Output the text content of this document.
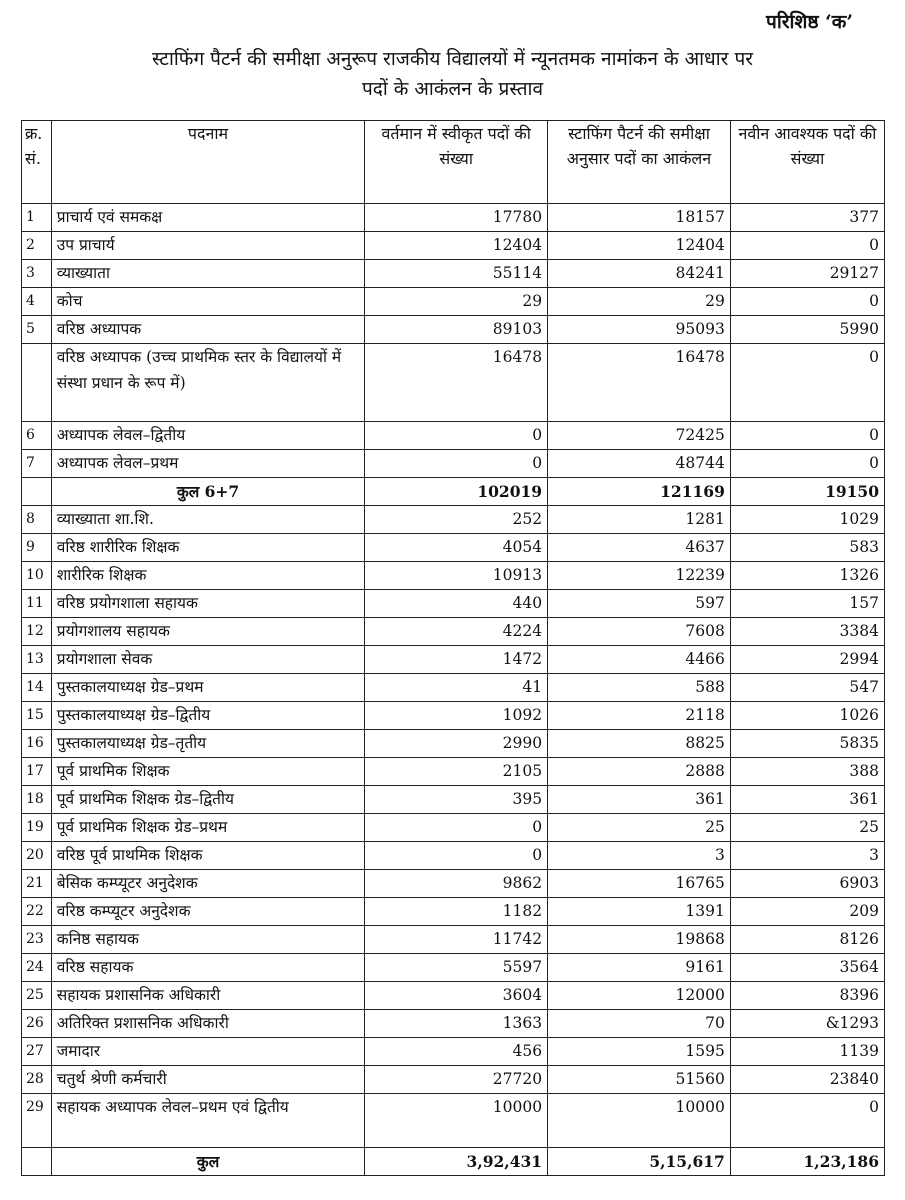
परिशिष्ठ ‘क’
स्टाफिंग पैटर्न की समीक्षा अनुरूप राजकीय विद्यालयों में न्यूनतमक नामांकन के आधार पर
पदों के आकंलन के प्रस्ताव
क्र. सं.	पदनाम	वर्तमान में स्वीकृत पदों की संख्या	स्टाफिंग पैटर्न की समीक्षा अनुसार पदों का आकंलन	नवीन आवश्यक पदों की संख्या
1	प्राचार्य एवं समकक्ष	17780	18157	377
2	उप प्राचार्य	12404	12404	0
3	व्याख्याता	55114	84241	29127
4	कोच	29	29	0
5	वरिष्ठ अध्यापक	89103	95093	5990
	वरिष्ठ अध्यापक (उच्च प्राथमिक स्तर के विद्यालयों में संस्था प्रधान के रूप में)	16478	16478	0
6	अध्यापक लेवल–द्वितीय	0	72425	0
7	अध्यापक लेवल–प्रथम	0	48744	0
	कुल 6+7	102019	121169	19150
8	व्याख्याता शा.शि.	252	1281	1029
9	वरिष्ठ शारीरिक शिक्षक	4054	4637	583
10	शारीरिक शिक्षक	10913	12239	1326
11	वरिष्ठ प्रयोगशाला सहायक	440	597	157
12	प्रयोगशालय सहायक	4224	7608	3384
13	प्रयोगशाला सेवक	1472	4466	2994
14	पुस्तकालयाध्यक्ष ग्रेड–प्रथम	41	588	547
15	पुस्तकालयाध्यक्ष ग्रेड–द्वितीय	1092	2118	1026
16	पुस्तकालयाध्यक्ष ग्रेड–तृतीय	2990	8825	5835
17	पूर्व प्राथमिक शिक्षक	2105	2888	388
18	पूर्व प्राथमिक शिक्षक ग्रेड–द्वितीय	395	361	361
19	पूर्व प्राथमिक शिक्षक ग्रेड–प्रथम	0	25	25
20	वरिष्ठ पूर्व प्राथमिक शिक्षक	0	3	3
21	बेसिक कम्प्यूटर अनुदेशक	9862	16765	6903
22	वरिष्ठ कम्प्यूटर अनुदेशक	1182	1391	209
23	कनिष्ठ सहायक	11742	19868	8126
24	वरिष्ठ सहायक	5597	9161	3564
25	सहायक प्रशासनिक अधिकारी	3604	12000	8396
26	अतिरिक्त प्रशासनिक अधिकारी	1363	70	&1293
27	जमादार	456	1595	1139
28	चतुर्थ श्रेणी कर्मचारी	27720	51560	23840
29	सहायक अध्यापक लेवल–प्रथम एवं द्वितीय	10000	10000	0
	कुल	3,92,431	5,15,617	1,23,186
